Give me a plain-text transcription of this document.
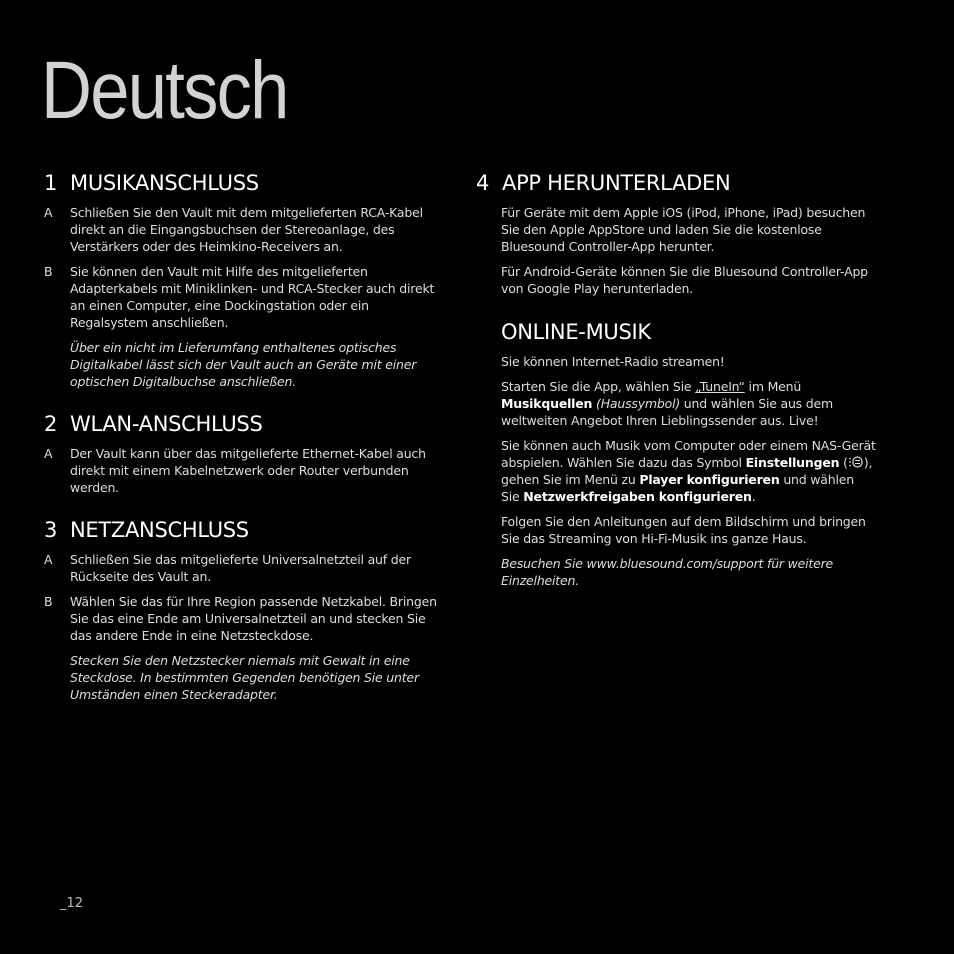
Deutsch
1 MUSIKANSCHLUSS
A	Schließen Sie den Vault mit dem mitgelieferten RCA-Kabel direkt an die Eingangsbuchsen der Stereoanlage, des Verstärkers oder des Heimkino-Receivers an.
B	Sie können den Vault mit Hilfe des mitgelieferten Adapterkabels mit Miniklinken- und RCA-Stecker auch direkt an einen Computer, eine Dockingstation oder ein Regalsystem anschließen.
Über ein nicht im Lieferumfang enthaltenes optisches Digitalkabel lässt sich der Vault auch an Geräte mit einer optischen Digitalbuchse anschließen.
2 WLAN-ANSCHLUSS
A	Der Vault kann über das mitgelieferte Ethernet-Kabel auch direkt mit einem Kabelnetzwerk oder Router verbunden werden.
3 NETZANSCHLUSS
A	Schließen Sie das mitgelieferte Universalnetzteil auf der Rückseite des Vault an.
B	Wählen Sie das für Ihre Region passende Netzkabel. Bringen Sie das eine Ende am Universalnetzteil an und stecken Sie das andere Ende in eine Netzsteckdose.
Stecken Sie den Netzstecker niemals mit Gewalt in eine Steckdose. In bestimmten Gegenden benötigen Sie unter Umständen einen Steckeradapter.
4 APP HERUNTERLADEN
Für Geräte mit dem Apple iOS (iPod, iPhone, iPad) besuchen Sie den Apple AppStore und laden Sie die kostenlose Bluesound Controller-App herunter.
Für Android-Geräte können Sie die Bluesound Controller-App von Google Play herunterladen.
ONLINE-MUSIK
Sie können Internet-Radio streamen!
Starten Sie die App, wählen Sie „TuneIn“ im Menü Musikquellen (Haussymbol) und wählen Sie aus dem weltweiten Angebot Ihren Lieblingssender aus. Live!
Sie können auch Musik vom Computer oder einem NAS-Gerät abspielen. Wählen Sie dazu das Symbol Einstellungen ( ), gehen Sie im Menü zu Player konfigurieren und wählen Sie Netzwerkfreigaben konfigurieren.
Folgen Sie den Anleitungen auf dem Bildschirm und bringen Sie das Streaming von Hi-Fi-Musik ins ganze Haus.
Besuchen Sie www.bluesound.com/support für weitere Einzelheiten.
_12
